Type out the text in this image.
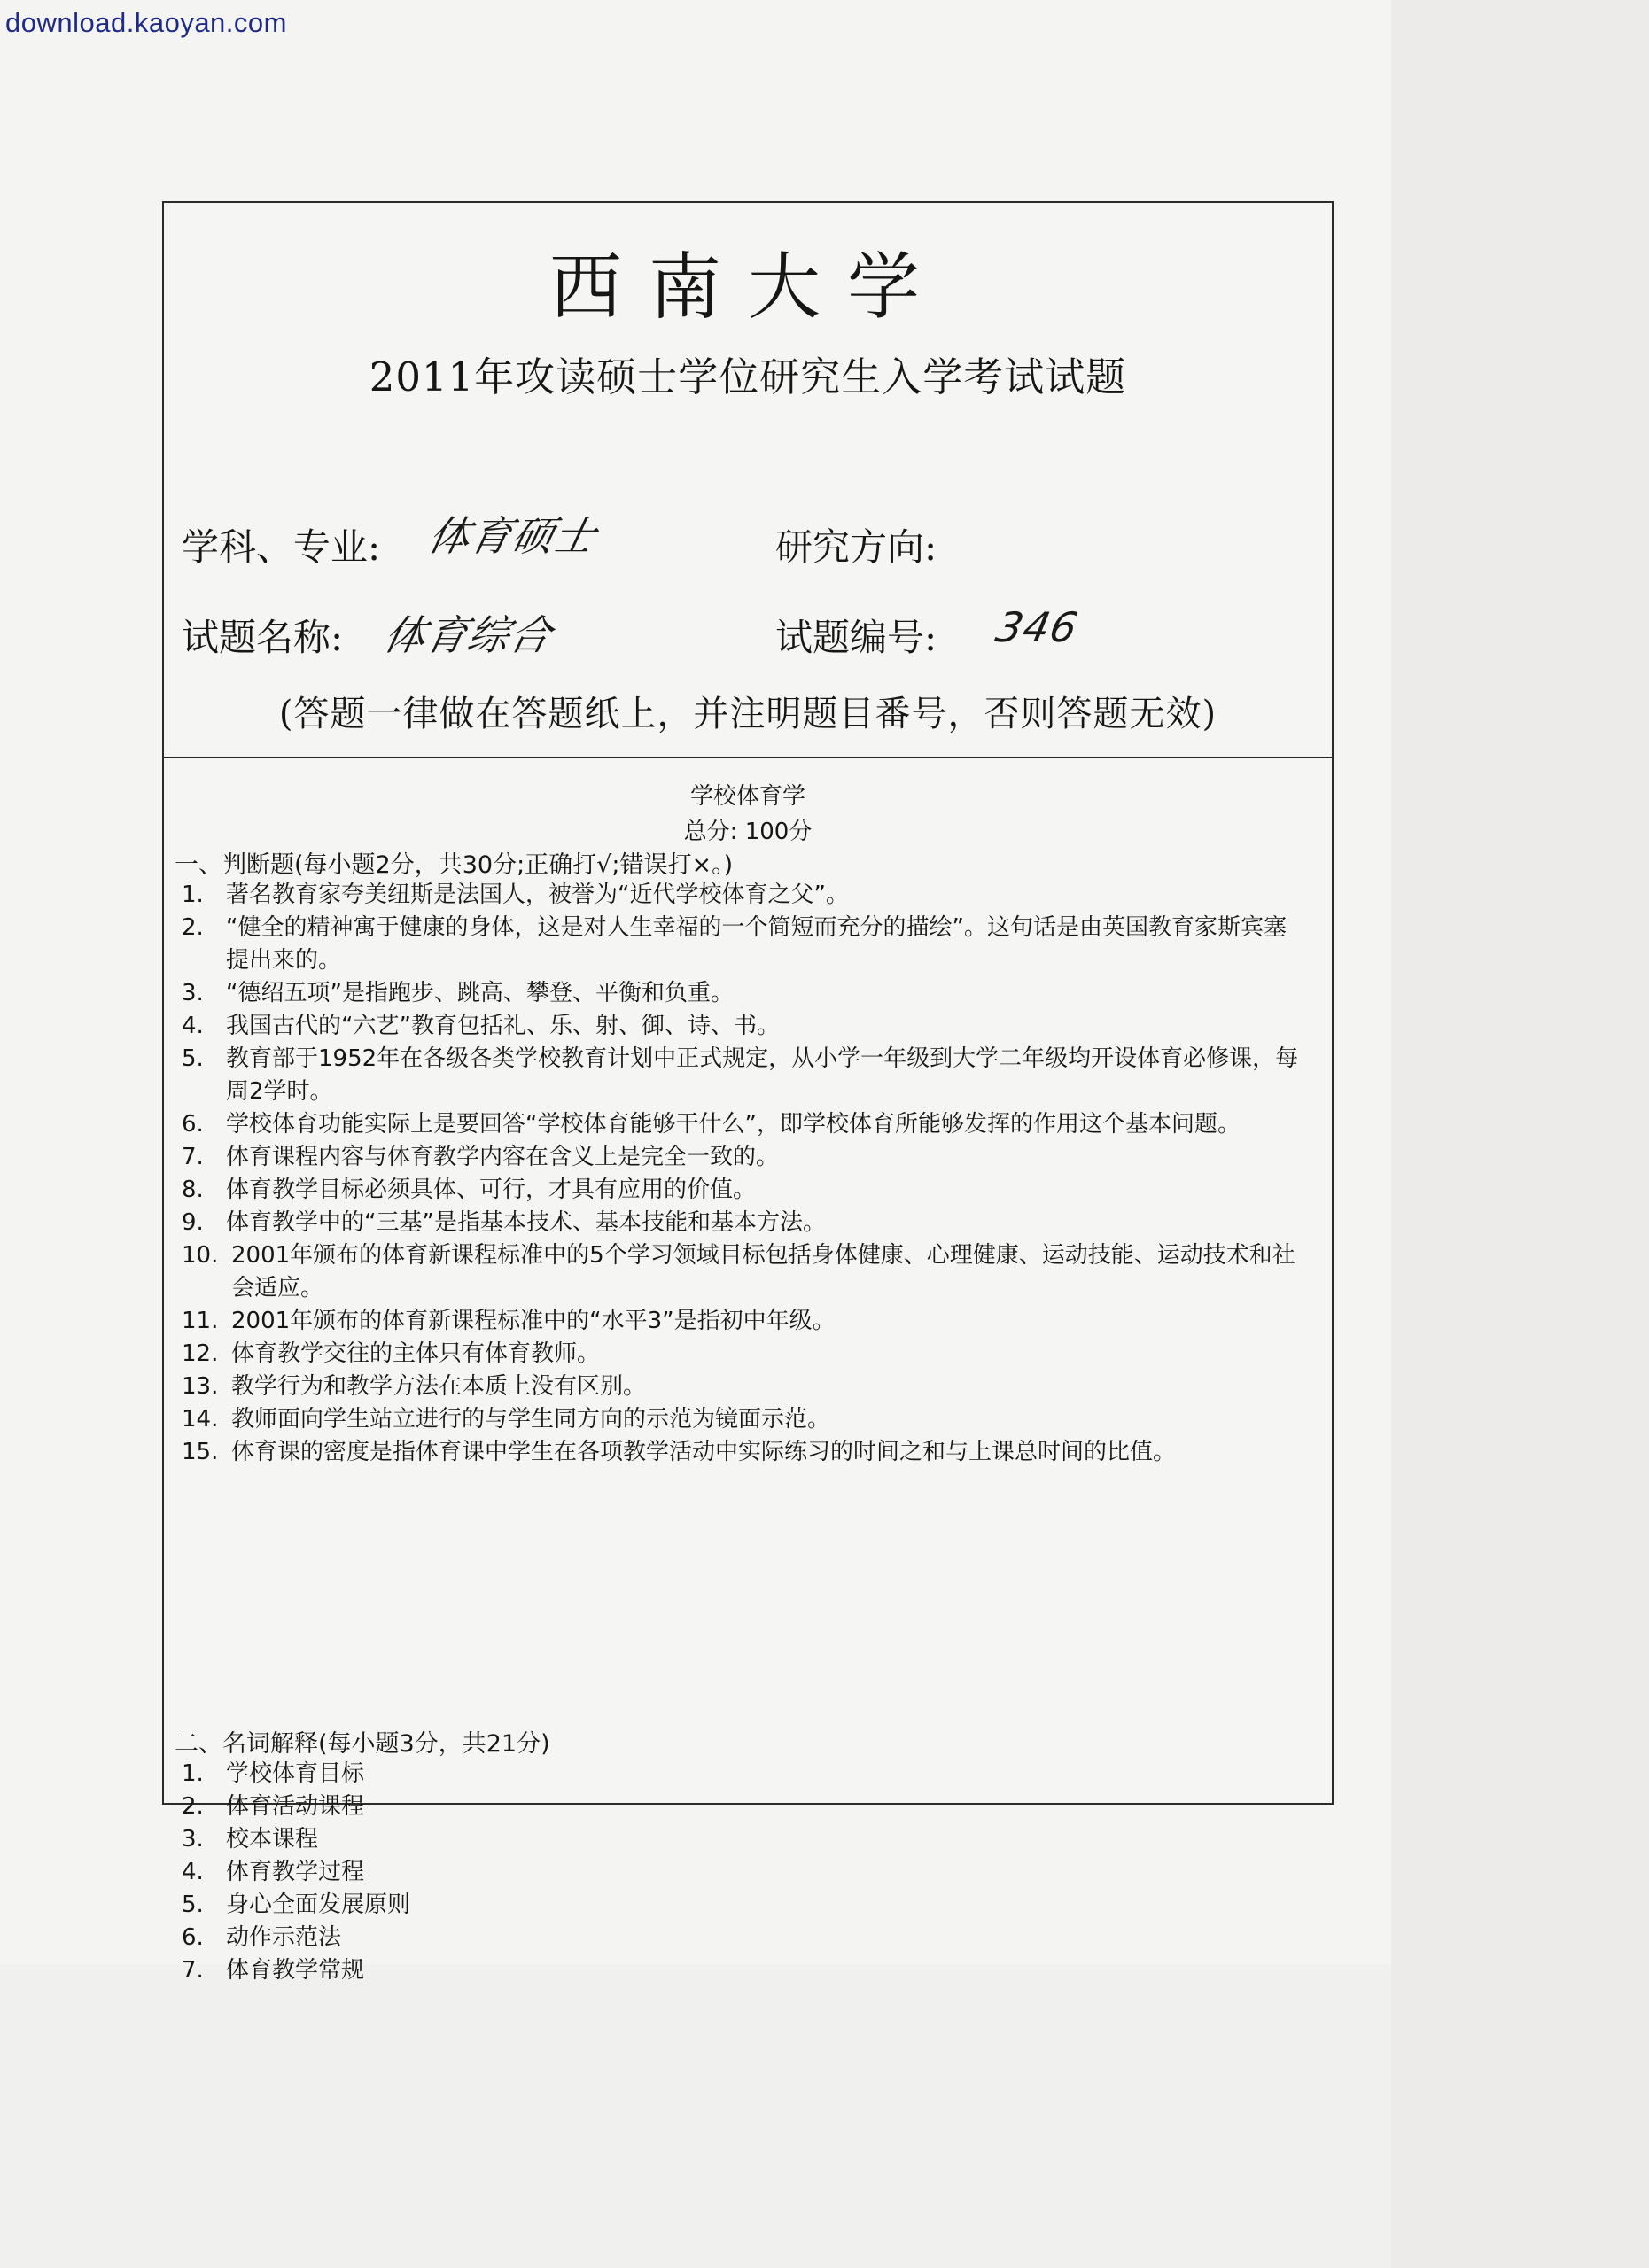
download.kaoyan.com
西南大学
2011年攻读硕士学位研究生入学考试试题
学科、专业: 体育硕士	研究方向:
试题名称: 体育综合	试题编号: 346
(答题一律做在答题纸上，并注明题目番号，否则答题无效)
学校体育学
总分: 100分
一、判断题(每小题2分，共30分;正确打√;错误打×。)
1. 著名教育家夸美纽斯是法国人，被誉为“近代学校体育之父”。
2. “健全的精神寓于健康的身体，这是对人生幸福的一个简短而充分的描绘”。这句话是由英国教育家斯宾塞提出来的。
3. “德绍五项”是指跑步、跳高、攀登、平衡和负重。
4. 我国古代的“六艺”教育包括礼、乐、射、御、诗、书。
5. 教育部于1952年在各级各类学校教育计划中正式规定，从小学一年级到大学二年级均开设体育必修课，每周2学时。
6. 学校体育功能实际上是要回答“学校体育能够干什么”，即学校体育所能够发挥的作用这个基本问题。
7. 体育课程内容与体育教学内容在含义上是完全一致的。
8. 体育教学目标必须具体、可行，才具有应用的价值。
9. 体育教学中的“三基”是指基本技术、基本技能和基本方法。
10. 2001年颁布的体育新课程标准中的5个学习领域目标包括身体健康、心理健康、运动技能、运动技术和社会适应。
11. 2001年颁布的体育新课程标准中的“水平3”是指初中年级。
12. 体育教学交往的主体只有体育教师。
13. 教学行为和教学方法在本质上没有区别。
14. 教师面向学生站立进行的与学生同方向的示范为镜面示范。
15. 体育课的密度是指体育课中学生在各项教学活动中实际练习的时间之和与上课总时间的比值。
二、名词解释(每小题3分，共21分)
1. 学校体育目标
2. 体育活动课程
3. 校本课程
4. 体育教学过程
5. 身心全面发展原则
6. 动作示范法
7. 体育教学常规
